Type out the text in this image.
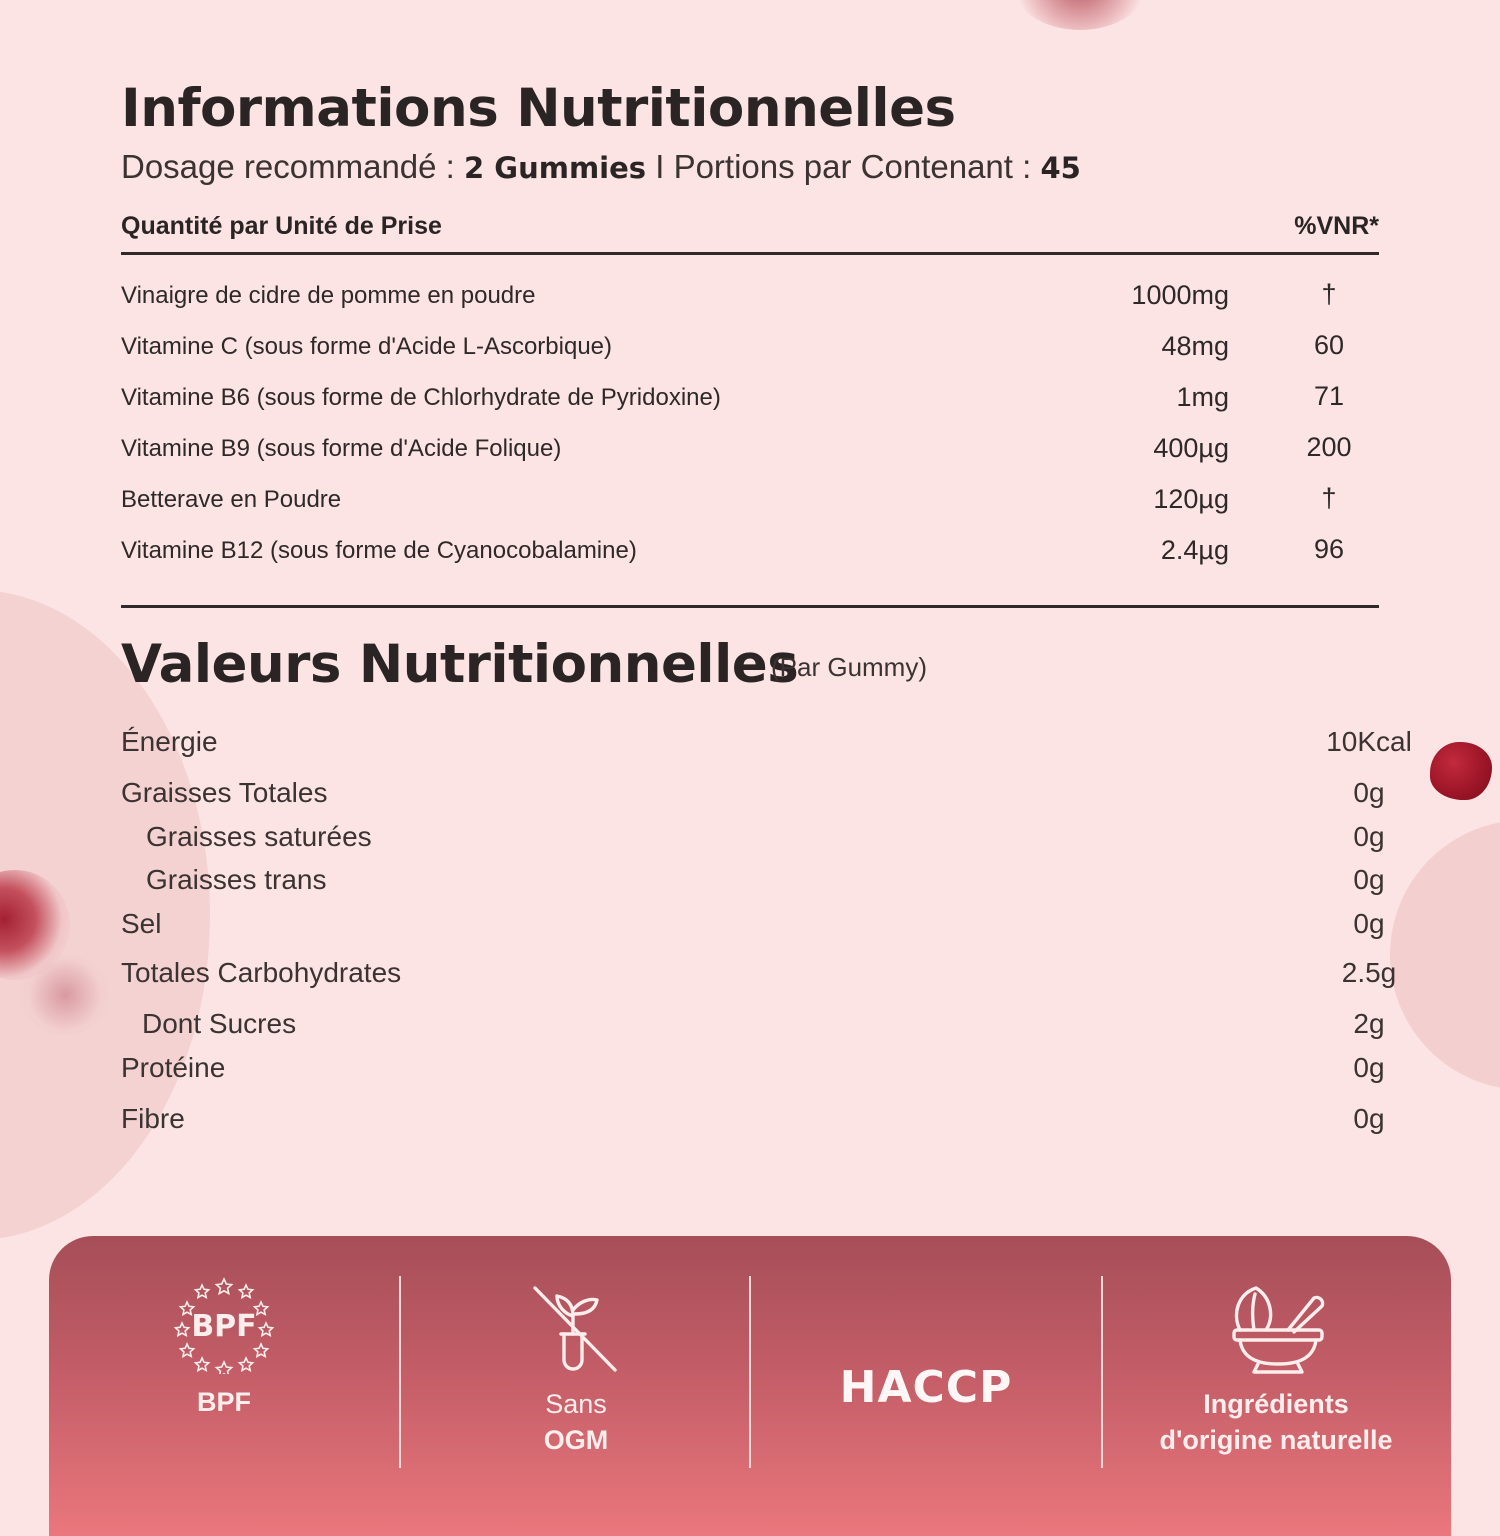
Informations Nutritionnelles

Dosage recommandé : 2 Gummies I Portions par Contenant : 45

Quantité par Unité de Prise	%VNR*
Vinaigre de cidre de pomme en poudre	1000mg	†
Vitamine C (sous forme d'Acide L-Ascorbique)	48mg	60
Vitamine B6 (sous forme de Chlorhydrate de Pyridoxine)	1mg	71
Vitamine B9 (sous forme d'Acide Folique)	400µg	200
Betterave en Poudre	120µg	†
Vitamine B12 (sous forme de Cyanocobalamine)	2.4µg	96
Valeurs Nutritionnelles
(Par Gummy)
Énergie	10Kcal
Graisses Totales	0g
Graisses saturées	0g
Graisses trans	0g
Sel	0g
Totales Carbohydrates	2.5g
Dont Sucres	2g
Protéine	0g
Fibre	0g
BPF
BPF	Sans
OGM
HACCP	Ingrédients
d'origine naturelle
